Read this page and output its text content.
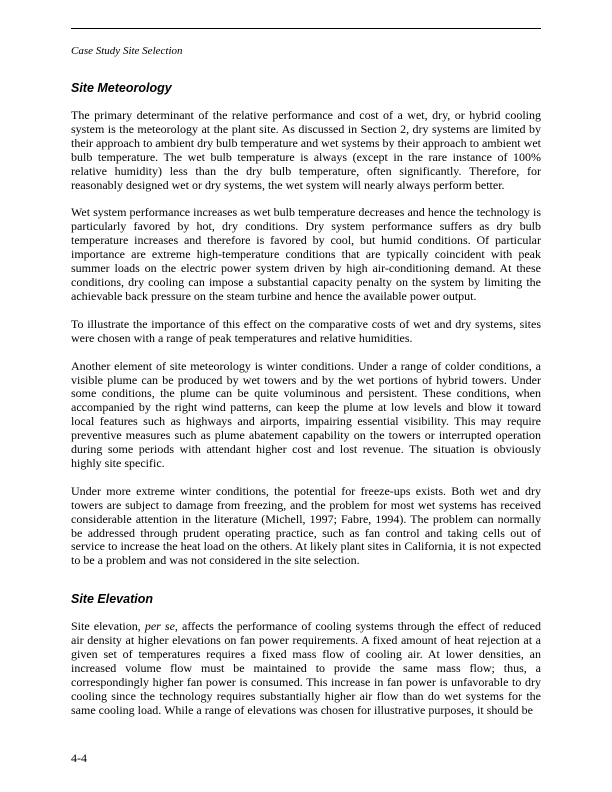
Case Study Site Selection

Site Meteorology

The primary determinant of the relative performance and cost of a wet, dry, or hybrid cooling system is the meteorology at the plant site. As discussed in Section 2, dry systems are limited by their approach to ambient dry bulb temperature and wet systems by their approach to ambient wet bulb temperature. The wet bulb temperature is always (except in the rare instance of 100% relative humidity) less than the dry bulb temperature, often significantly. Therefore, for reasonably designed wet or dry systems, the wet system will nearly always perform better.

Wet system performance increases as wet bulb temperature decreases and hence the technology is particularly favored by hot, dry conditions. Dry system performance suffers as dry bulb temperature increases and therefore is favored by cool, but humid conditions. Of particular importance are extreme high-temperature conditions that are typically coincident with peak summer loads on the electric power system driven by high air-conditioning demand. At these conditions, dry cooling can impose a substantial capacity penalty on the system by limiting the achievable back pressure on the steam turbine and hence the available power output.

To illustrate the importance of this effect on the comparative costs of wet and dry systems, sites were chosen with a range of peak temperatures and relative humidities.

Another element of site meteorology is winter conditions. Under a range of colder conditions, a visible plume can be produced by wet towers and by the wet portions of hybrid towers. Under some conditions, the plume can be quite voluminous and persistent. These conditions, when accompanied by the right wind patterns, can keep the plume at low levels and blow it toward local features such as highways and airports, impairing essential visibility. This may require preventive measures such as plume abatement capability on the towers or interrupted operation during some periods with attendant higher cost and lost revenue. The situation is obviously highly site specific.

Under more extreme winter conditions, the potential for freeze-ups exists. Both wet and dry towers are subject to damage from freezing, and the problem for most wet systems has received considerable attention in the literature (Michell, 1997; Fabre, 1994). The problem can normally be addressed through prudent operating practice, such as fan control and taking cells out of service to increase the heat load on the others. At likely plant sites in California, it is not expected to be a problem and was not considered in the site selection.

Site Elevation

Site elevation, per se, affects the performance of cooling systems through the effect of reduced air density at higher elevations on fan power requirements. A fixed amount of heat rejection at a given set of temperatures requires a fixed mass flow of cooling air. At lower densities, an increased volume flow must be maintained to provide the same mass flow; thus, a correspondingly higher fan power is consumed. This increase in fan power is unfavorable to dry cooling since the technology requires substantially higher air flow than do wet systems for the same cooling load. While a range of elevations was chosen for illustrative purposes, it should be

4-4
